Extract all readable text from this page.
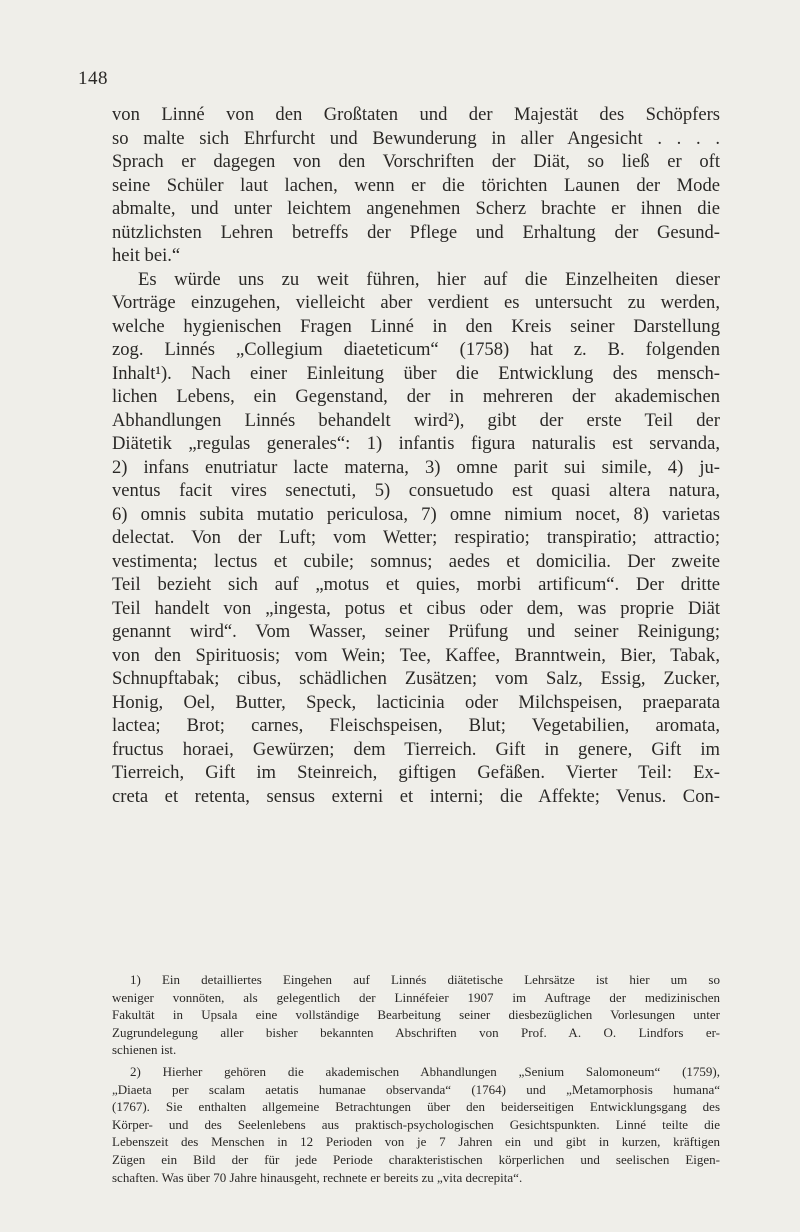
148
von Linné von den Großtaten und der Majestät des Schöpfers
so malte sich Ehrfurcht und Bewunderung in aller Angesicht . . . .
Sprach er dagegen von den Vorschriften der Diät, so ließ er oft
seine Schüler laut lachen, wenn er die törichten Launen der Mode
abmalte, und unter leichtem angenehmen Scherz brachte er ihnen die
nützlichsten Lehren betreffs der Pflege und Erhaltung der Gesund-
heit bei.“
Es würde uns zu weit führen, hier auf die Einzelheiten dieser
Vorträge einzugehen, vielleicht aber verdient es untersucht zu werden,
welche hygienischen Fragen Linné in den Kreis seiner Darstellung
zog. Linnés „Collegium diaeteticum“ (1758) hat z. B. folgenden
Inhalt¹). Nach einer Einleitung über die Entwicklung des mensch-
lichen Lebens, ein Gegenstand, der in mehreren der akademischen
Abhandlungen Linnés behandelt wird²), gibt der erste Teil der
Diätetik „regulas generales“: 1) infantis figura naturalis est servanda,
2) infans enutriatur lacte materna, 3) omne parit sui simile, 4) ju-
ventus facit vires senectuti, 5) consuetudo est quasi altera natura,
6) omnis subita mutatio periculosa, 7) omne nimium nocet, 8) varietas
delectat. Von der Luft; vom Wetter; respiratio; transpiratio; attractio;
vestimenta; lectus et cubile; somnus; aedes et domicilia. Der zweite
Teil bezieht sich auf „motus et quies, morbi artificum“. Der dritte
Teil handelt von „ingesta, potus et cibus oder dem, was proprie Diät
genannt wird“. Vom Wasser, seiner Prüfung und seiner Reinigung;
von den Spirituosis; vom Wein; Tee, Kaffee, Branntwein, Bier, Tabak,
Schnupftabak; cibus, schädlichen Zusätzen; vom Salz, Essig, Zucker,
Honig, Oel, Butter, Speck, lacticinia oder Milchspeisen, praeparata
lactea; Brot; carnes, Fleischspeisen, Blut; Vegetabilien, aromata,
fructus horaei, Gewürzen; dem Tierreich. Gift in genere, Gift im
Tierreich, Gift im Steinreich, giftigen Gefäßen. Vierter Teil: Ex-
creta et retenta, sensus externi et interni; die Affekte; Venus. Con-
1) Ein detailliertes Eingehen auf Linnés diätetische Lehrsätze ist hier um so
weniger vonnöten, als gelegentlich der Linnéfeier 1907 im Auftrage der medizinischen
Fakultät in Upsala eine vollständige Bearbeitung seiner diesbezüglichen Vorlesungen unter
Zugrundelegung aller bisher bekannten Abschriften von Prof. A. O. Lindfors er-
schienen ist.
2) Hierher gehören die akademischen Abhandlungen „Senium Salomoneum“ (1759),
„Diaeta per scalam aetatis humanae observanda“ (1764) und „Metamorphosis humana“
(1767). Sie enthalten allgemeine Betrachtungen über den beiderseitigen Entwicklungsgang des
Körper- und des Seelenlebens aus praktisch-psychologischen Gesichtspunkten. Linné teilte die
Lebenszeit des Menschen in 12 Perioden von je 7 Jahren ein und gibt in kurzen, kräftigen
Zügen ein Bild der für jede Periode charakteristischen körperlichen und seelischen Eigen-
schaften. Was über 70 Jahre hinausgeht, rechnete er bereits zu „vita decrepita“.
